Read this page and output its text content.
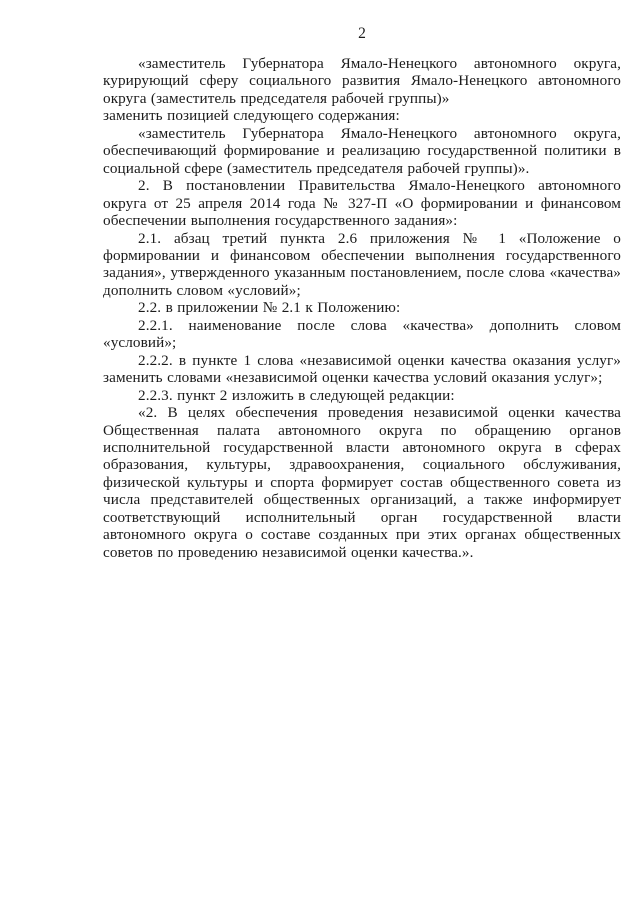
2

«заместитель Губернатора Ямало-Ненецкого автономного округа, курирующий сферу социального развития Ямало-Ненецкого автономного округа (заместитель председателя рабочей группы)»

заменить позицией следующего содержания:

«заместитель Губернатора Ямало-Ненецкого автономного округа, обеспечивающий формирование и реализацию государственной политики в социальной сфере (заместитель председателя рабочей группы)».

2. В постановлении Правительства Ямало-Ненецкого автономного округа от 25 апреля 2014 года № 327-П «О формировании и финансовом обеспечении выполнения государственного задания»:

2.1. абзац третий пункта 2.6 приложения № 1 «Положение о формировании и финансовом обеспечении выполнения государственного задания», утвержденного указанным постановлением, после слова «качества» дополнить словом «условий»;

2.2. в приложении № 2.1 к Положению:

2.2.1. наименование после слова «качества» дополнить словом «условий»;

2.2.2. в пункте 1 слова «независимой оценки качества оказания услуг» заменить словами «независимой оценки качества условий оказания услуг»;

2.2.3. пункт 2 изложить в следующей редакции:

«2. В целях обеспечения проведения независимой оценки качества Общественная палата автономного округа по обращению органов исполнительной государственной власти автономного округа в сферах образования, культуры, здравоохранения, социального обслуживания, физической культуры и спорта формирует состав общественного совета из числа представителей общественных организаций, а также информирует соответствующий исполнительный орган государственной власти автономного округа о составе созданных при этих органах общественных советов по проведению независимой оценки качества.».
